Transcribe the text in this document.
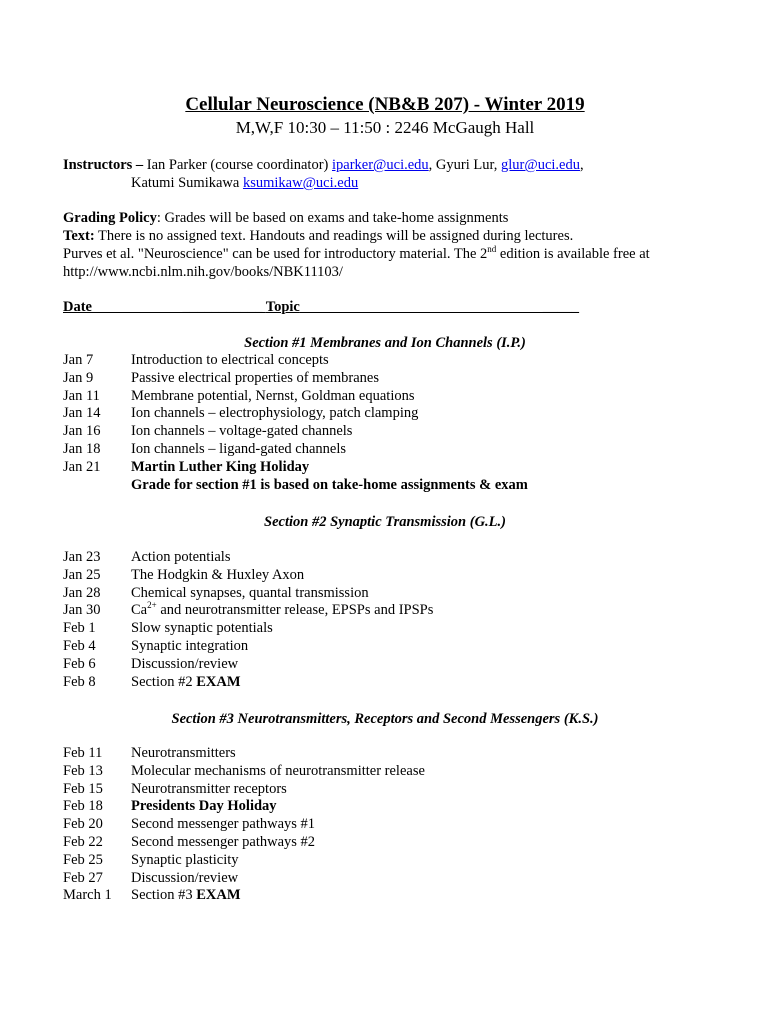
Cellular Neuroscience (NB&B 207) - Winter 2019
M,W,F 10:30 – 11:50 : 2246 McGaugh Hall
Instructors – Ian Parker (course coordinator) iparker@uci.edu, Gyuri Lur, glur@uci.edu,
Katumi Sumikawa ksumikaw@uci.edu
Grading Policy: Grades will be based on exams and take-home assignments
Text: There is no assigned text. Handouts and readings will be assigned during lectures.
Purves et al. "Neuroscience" can be used for introductory material. The 2nd edition is available free at
http://www.ncbi.nlm.nih.gov/books/NBK11103/
Date                         ___________ Topic                                                                   _____
Section #1 Membranes and Ion Channels (I.P.)
Jan 7	Introduction to electrical concepts
Jan 9	Passive electrical properties of membranes
Jan 11	Membrane potential, Nernst, Goldman equations
Jan 14	Ion channels – electrophysiology, patch clamping
Jan 16	Ion channels – voltage-gated channels
Jan 18	Ion channels – ligand-gated channels
Jan 21	Martin Luther King Holiday
Grade for section #1 is based on take-home assignments & exam
Section #2 Synaptic Transmission (G.L.)
Jan 23	Action potentials
Jan 25	The Hodgkin & Huxley Axon
Jan 28	Chemical synapses, quantal transmission
Jan 30	$Ca^{2+}$ and neurotransmitter release, EPSPs and IPSPs
Feb 1	Slow synaptic potentials
Feb 4	Synaptic integration
Feb 6	Discussion/review
Feb 8	Section #2 EXAM
Section #3 Neurotransmitters, Receptors and Second Messengers (K.S.)
Feb 11	Neurotransmitters
Feb 13	Molecular mechanisms of neurotransmitter release
Feb 15	Neurotransmitter receptors
Feb 18	Presidents Day Holiday
Feb 20	Second messenger pathways #1
Feb 22	Second messenger pathways #2
Feb 25	Synaptic plasticity
Feb 27	Discussion/review
March 1	Section #3 EXAM
